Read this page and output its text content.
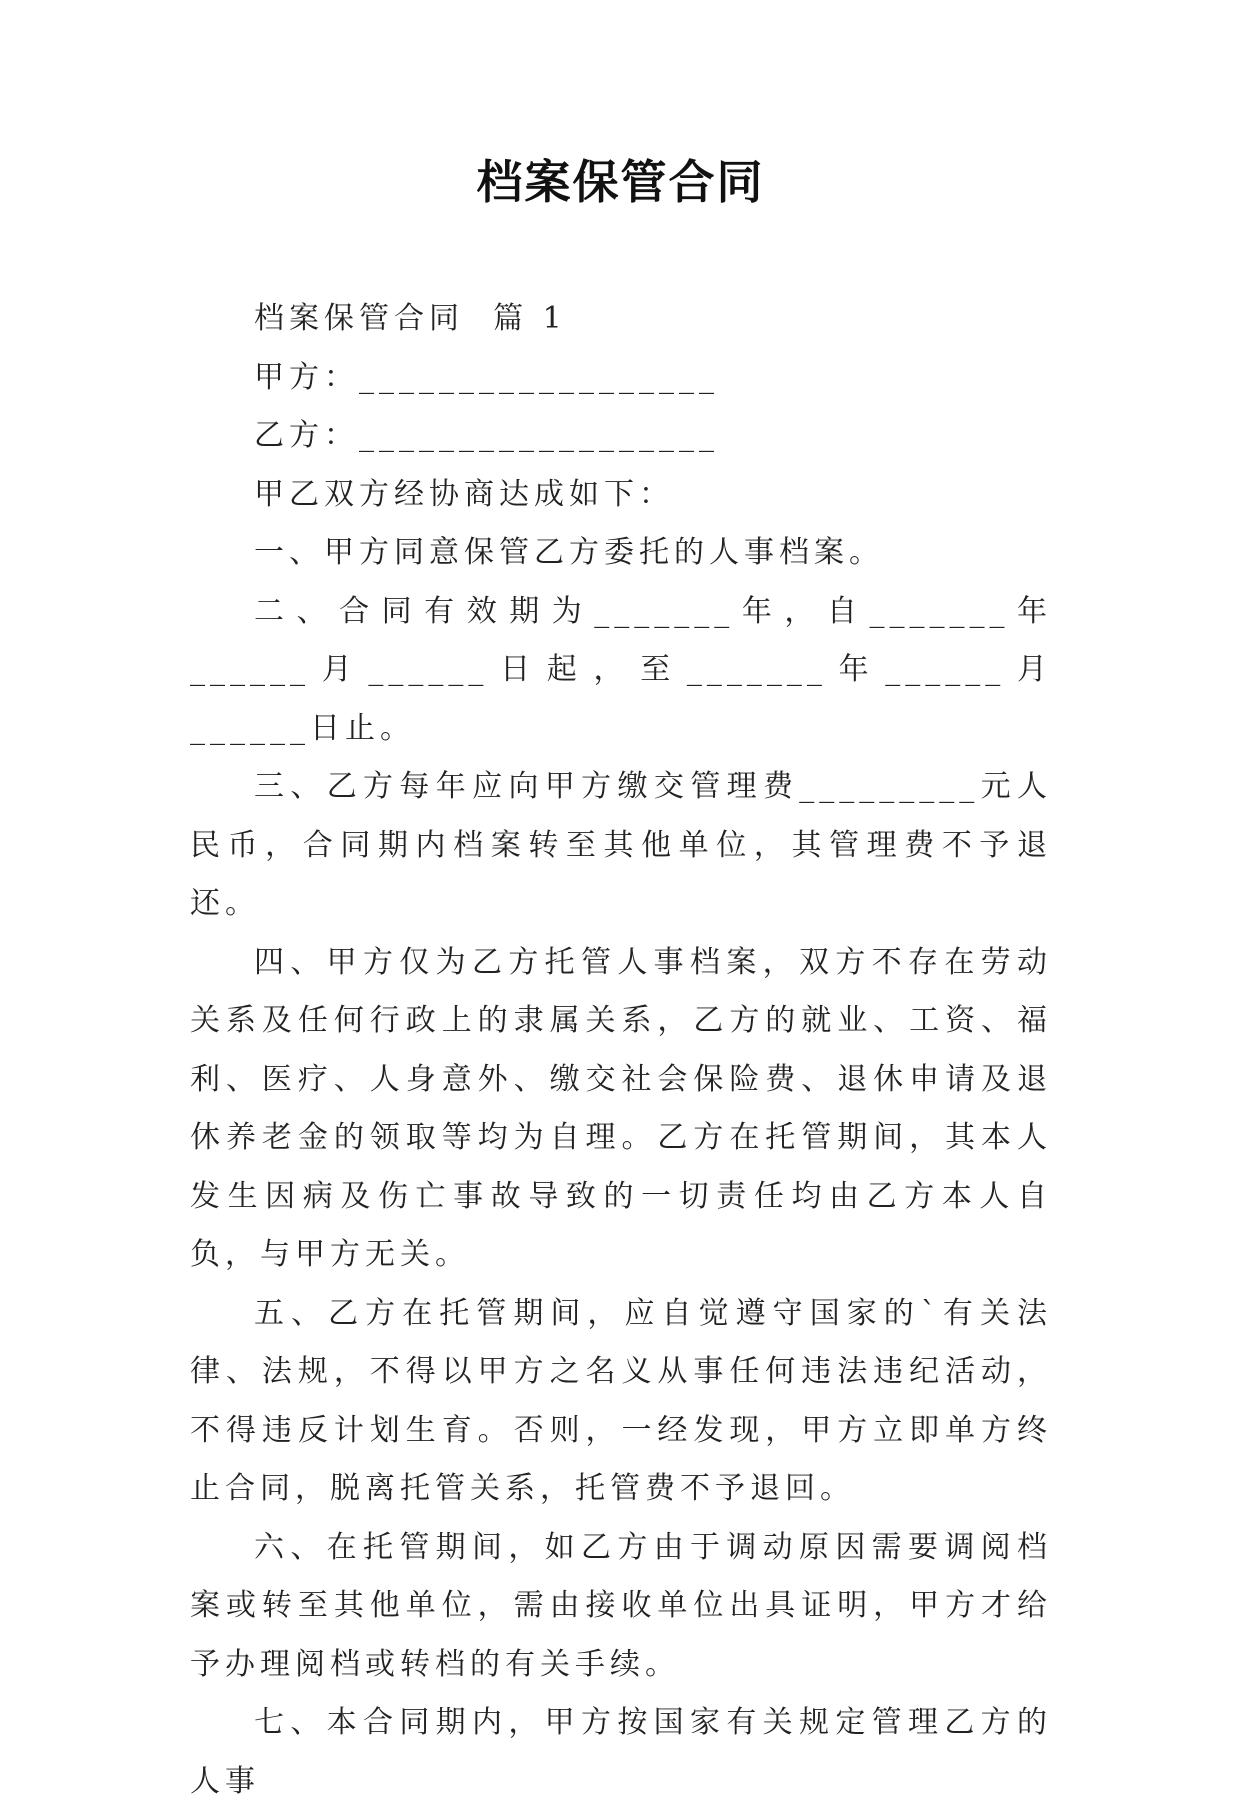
档案保管合同

档案保管合同  篇 1

甲方：__________________

乙方：__________________

甲乙双方经协商达成如下：

一、甲方同意保管乙方委托的人事档案。

二、合同有效期为_______年，自_______年______月______日起，至_______年______月______日止。

三、乙方每年应向甲方缴交管理费_________元人民币，合同期内档案转至其他单位，其管理费不予退还。

四、甲方仅为乙方托管人事档案，双方不存在劳动关系及任何行政上的隶属关系，乙方的就业、工资、福利、医疗、人身意外、缴交社会保险费、退休申请及退休养老金的领取等均为自理。乙方在托管期间，其本人发生因病及伤亡事故导致的一切责任均由乙方本人自负，与甲方无关。

五、乙方在托管期间，应自觉遵守国家的`有关法律、法规，不得以甲方之名义从事任何违法违纪活动，不得违反计划生育。否则，一经发现，甲方立即单方终止合同，脱离托管关系，托管费不予退回。

六、在托管期间，如乙方由于调动原因需要调阅档案或转至其他单位，需由接收单位出具证明，甲方才给予办理阅档或转档的有关手续。

七、本合同期内，甲方按国家有关规定管理乙方的人事
